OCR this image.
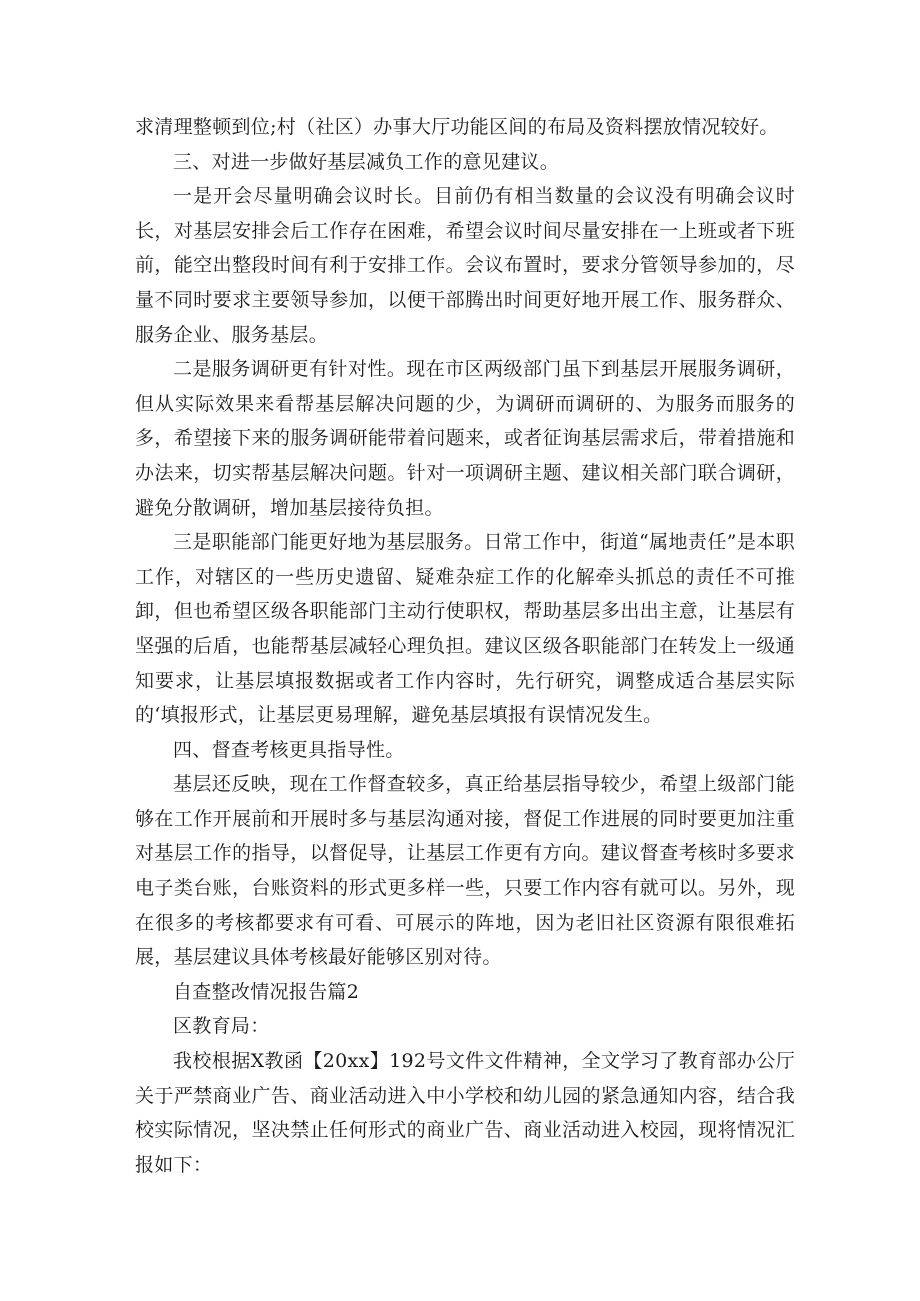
求清理整顿到位;村（社区）办事大厅功能区间的布局及资料摆放情况较好。

三、对进一步做好基层减负工作的意见建议。

一是开会尽量明确会议时长。目前仍有相当数量的会议没有明确会议时长，对基层安排会后工作存在困难，希望会议时间尽量安排在一上班或者下班前，能空出整段时间有利于安排工作。会议布置时，要求分管领导参加的，尽量不同时要求主要领导参加，以便干部腾出时间更好地开展工作、服务群众、服务企业、服务基层。

二是服务调研更有针对性。现在市区两级部门虽下到基层开展服务调研，但从实际效果来看帮基层解决问题的少，为调研而调研的、为服务而服务的多，希望接下来的服务调研能带着问题来，或者征询基层需求后，带着措施和办法来，切实帮基层解决问题。针对一项调研主题、建议相关部门联合调研，避免分散调研，增加基层接待负担。

三是职能部门能更好地为基层服务。日常工作中，街道“属地责任”是本职工作，对辖区的一些历史遗留、疑难杂症工作的化解牵头抓总的责任不可推卸，但也希望区级各职能部门主动行使职权，帮助基层多出出主意，让基层有坚强的后盾，也能帮基层减轻心理负担。建议区级各职能部门在转发上一级通知要求，让基层填报数据或者工作内容时，先行研究，调整成适合基层实际的‘填报形式，让基层更易理解，避免基层填报有误情况发生。

四、督查考核更具指导性。

基层还反映，现在工作督查较多，真正给基层指导较少，希望上级部门能够在工作开展前和开展时多与基层沟通对接，督促工作进展的同时要更加注重对基层工作的指导，以督促导，让基层工作更有方向。建议督查考核时多要求电子类台账，台账资料的形式更多样一些，只要工作内容有就可以。另外，现在很多的考核都要求有可看、可展示的阵地，因为老旧社区资源有限很难拓展，基层建议具体考核最好能够区别对待。

自查整改情况报告篇2

区教育局：

我校根据X教函【20xx】192号文件文件精神，全文学习了教育部办公厅关于严禁商业广告、商业活动进入中小学校和幼儿园的紧急通知内容，结合我校实际情况，坚决禁止任何形式的商业广告、商业活动进入校园，现将情况汇报如下：
